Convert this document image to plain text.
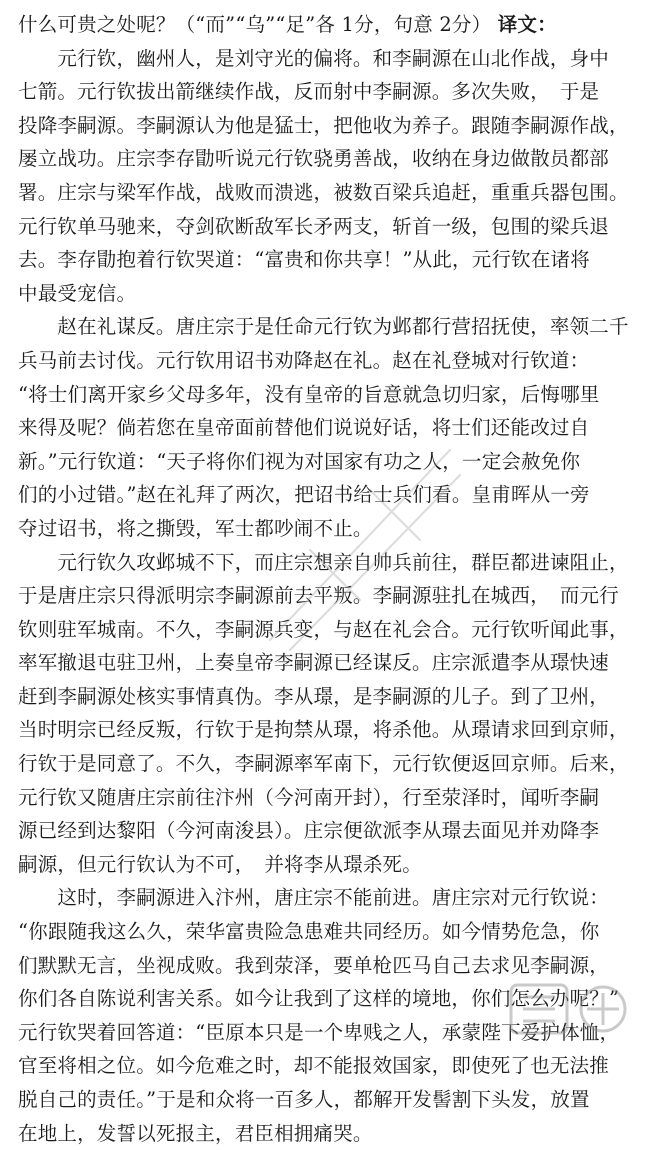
什么可贵之处呢？（“而”“乌”“足”各 1分，句意 2分） 译文：
　　元行钦，幽州人，是刘守光的偏将。和李嗣源在山北作战，身中
七箭。元行钦拔出箭继续作战，反而射中李嗣源。多次失败，　于是
投降李嗣源。李嗣源认为他是猛士，把他收为养子。跟随李嗣源作战，
屡立战功。庄宗李存勖听说元行钦骁勇善战，收纳在身边做散员都部
署。庄宗与梁军作战，战败而溃逃，被数百梁兵追赶，重重兵器包围。
元行钦单马驰来，夺剑砍断敌军长矛两支，斩首一级，包围的梁兵退
去。李存勖抱着行钦哭道：“富贵和你共享！”从此，元行钦在诸将
中最受宠信。
　　赵在礼谋反。唐庄宗于是任命元行钦为邺都行营招抚使，率领二千
兵马前去讨伐。元行钦用诏书劝降赵在礼。赵在礼登城对行钦道：
“将士们离开家乡父母多年，没有皇帝的旨意就急切归家，后悔哪里
来得及呢？倘若您在皇帝面前替他们说说好话，将士们还能改过自
新。”元行钦道：“天子将你们视为对国家有功之人，一定会赦免你
们的小过错。”赵在礼拜了两次，把诏书给士兵们看。皇甫晖从一旁
夺过诏书，将之撕毁，军士都吵闹不止。
　　元行钦久攻邺城不下，而庄宗想亲自帅兵前往，群臣都进谏阻止，
于是唐庄宗只得派明宗李嗣源前去平叛。李嗣源驻扎在城西，　而元行
钦则驻军城南。不久，李嗣源兵变，与赵在礼会合。元行钦听闻此事，
率军撤退屯驻卫州，上奏皇帝李嗣源已经谋反。庄宗派遣李从璟快速
赶到李嗣源处核实事情真伪。李从璟，是李嗣源的儿子。到了卫州，
当时明宗已经反叛，行钦于是拘禁从璟，将杀他。从璟请求回到京师，
行钦于是同意了。不久，李嗣源率军南下，元行钦便返回京师。后来，
元行钦又随唐庄宗前往汴州（今河南开封），行至荥泽时，闻听李嗣
源已经到达黎阳（今河南浚县）。庄宗便欲派李从璟去面见并劝降李
嗣源，但元行钦认为不可，　并将李从璟杀死。
　　这时，李嗣源进入汴州，唐庄宗不能前进。唐庄宗对元行钦说：
“你跟随我这么久，荣华富贵险急患难共同经历。如今情势危急，你
们默默无言，坐视成败。我到荥泽，要单枪匹马自己去求见李嗣源，
你们各自陈说利害关系。如今让我到了这样的境地，你们怎么办呢？”
元行钦哭着回答道：“臣原本只是一个卑贱之人，承蒙陛下爱护体恤，
官至将相之位。如今危难之时，却不能报效国家，即使死了也无法推
脱自己的责任。”于是和众将一百多人，都解开发髻割下头发，放置
在地上，发誓以死报主，君臣相拥痛哭。
